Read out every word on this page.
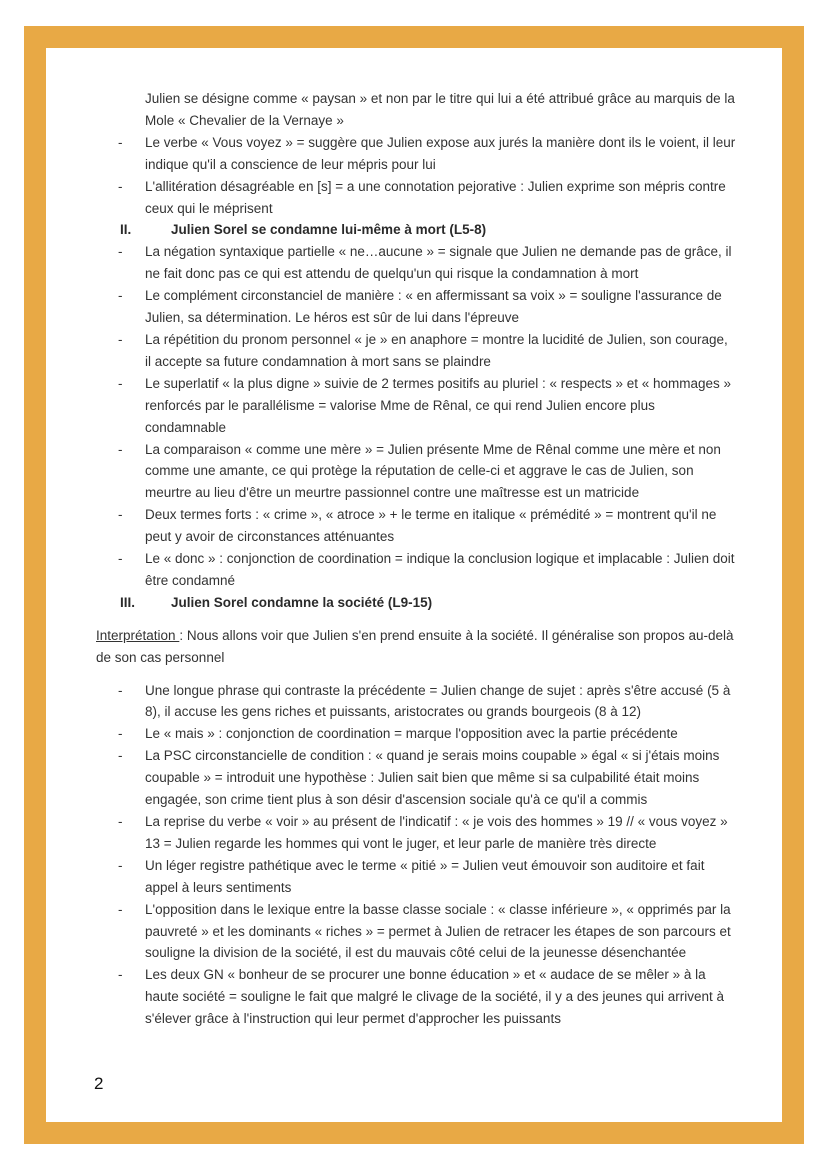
Julien se désigne comme « paysan » et non par le titre qui lui a été attribué grâce au marquis de la Mole « Chevalier de la Vernaye »
- Le verbe « Vous voyez » = suggère que Julien expose aux jurés la manière dont ils le voient, il leur indique qu'il a conscience de leur mépris pour lui
- L'allitération désagréable en [s] = a une connotation pejorative : Julien exprime son mépris contre ceux qui le méprisent
II.	Julien Sorel se condamne lui-même à mort (L5-8)
- La négation syntaxique partielle « ne…aucune » = signale que Julien ne demande pas de grâce, il ne fait donc pas ce qui est attendu de quelqu'un qui risque la condamnation à mort
- Le complément circonstanciel de manière : « en affermissant sa voix » = souligne l'assurance de Julien, sa détermination. Le héros est sûr de lui dans l'épreuve
- La répétition du pronom personnel « je » en anaphore = montre la lucidité de Julien, son courage, il accepte sa future condamnation à mort sans se plaindre
- Le superlatif « la plus digne » suivie de 2 termes positifs au pluriel : « respects » et « hommages » renforcés par le parallélisme = valorise Mme de Rênal, ce qui rend Julien encore plus condamnable
- La comparaison « comme une mère » = Julien présente Mme de Rênal comme une mère et non comme une amante, ce qui protège la réputation de celle-ci et aggrave le cas de Julien, son meurtre au lieu d'être un meurtre passionnel contre une maîtresse est un matricide
- Deux termes forts : « crime », « atroce » + le terme en italique « prémédité » = montrent qu'il ne peut y avoir de circonstances atténuantes
- Le « donc » : conjonction de coordination = indique la conclusion logique et implacable : Julien doit être condamné
III.	Julien Sorel condamne la société (L9-15)
Interprétation : Nous allons voir que Julien s'en prend ensuite à la société. Il généralise son propos au-delà de son cas personnel
- Une longue phrase qui contraste la précédente = Julien change de sujet : après s'être accusé (5 à 8), il accuse les gens riches et puissants, aristocrates ou grands bourgeois (8 à 12)
- Le « mais » : conjonction de coordination = marque l'opposition avec la partie précédente
- La PSC circonstancielle de condition : « quand je serais moins coupable » égal « si j'étais moins coupable » = introduit une hypothèse : Julien sait bien que même si sa culpabilité était moins engagée, son crime tient plus à son désir d'ascension sociale qu'à ce qu'il a commis
- La reprise du verbe « voir » au présent de l'indicatif : « je vois des hommes » 19 // « vous voyez » 13 = Julien regarde les hommes qui vont le juger, et leur parle de manière très directe
- Un léger registre pathétique avec le terme « pitié » = Julien veut émouvoir son auditoire et fait appel à leurs sentiments
- L'opposition dans le lexique entre la basse classe sociale : « classe inférieure », « opprimés par la pauvreté » et les dominants « riches » = permet à Julien de retracer les étapes de son parcours et souligne la division de la société, il est du mauvais côté celui de la jeunesse désenchantée
- Les deux GN « bonheur de se procurer une bonne éducation » et « audace de se mêler » à la haute société = souligne le fait que malgré le clivage de la société, il y a des jeunes qui arrivent à s'élever grâce à l'instruction qui leur permet d'approcher les puissants
2
